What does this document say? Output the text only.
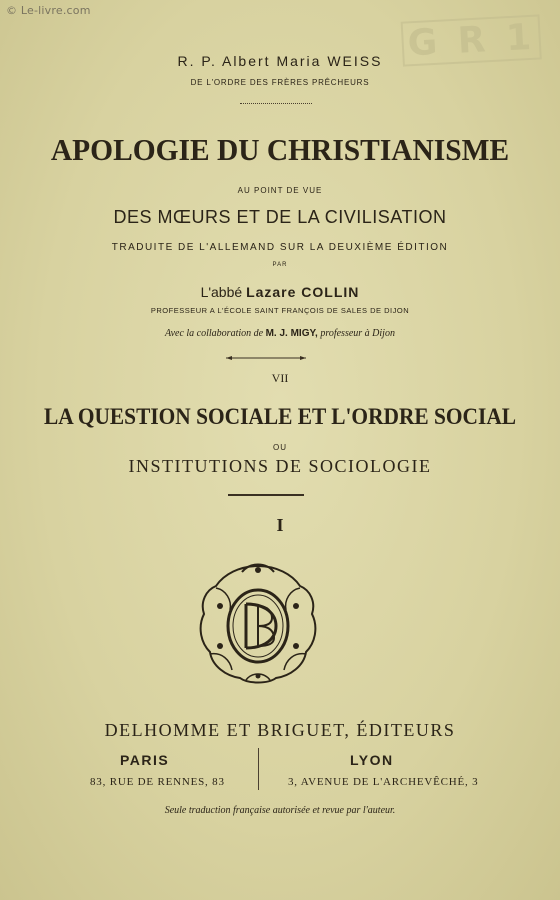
© Le-livre.com
G R 1
R. P. Albert Maria WEISS
DE L'ORDRE DES FRÈRES PRÊCHEURS
APOLOGIE DU CHRISTIANISME
AU POINT DE VUE
DES MŒURS ET DE LA CIVILISATION
TRADUITE DE L'ALLEMAND SUR LA DEUXIÈME ÉDITION
PAR
L'abbé Lazare COLLIN
PROFESSEUR A L'ÉCOLE SAINT FRANÇOIS DE SALES DE DIJON
Avec la collaboration de M. J. MIGY, professeur à Dijon
VII
LA QUESTION SOCIALE ET L'ORDRE SOCIAL
OU
INSTITUTIONS DE SOCIOLOGIE
I
DELHOMME ET BRIGUET, ÉDITEURS
PARIS	LYON
83, RUE DE RENNES, 83	3, AVENUE DE L'ARCHEVÊCHÉ, 3
Seule traduction française autorisée et revue par l'auteur.
